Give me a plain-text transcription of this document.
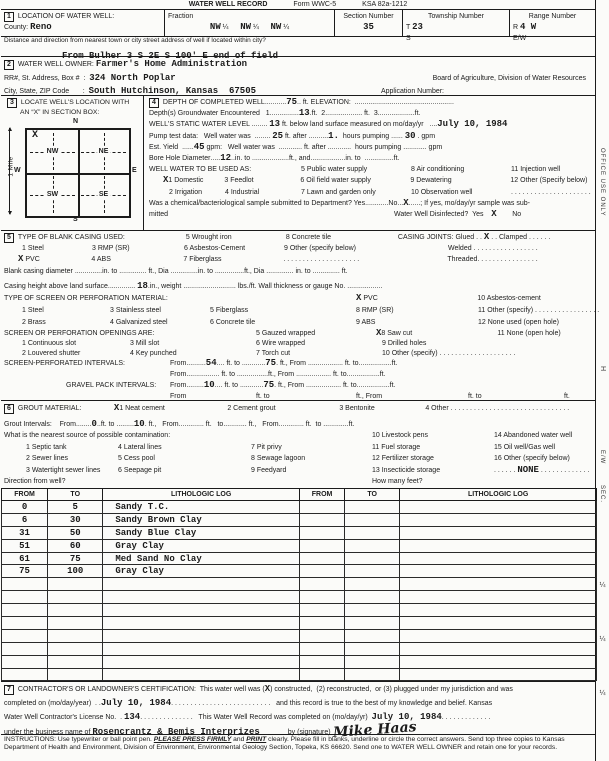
WATER WELL RECORD	Form WWC-5	KSA 82a-1212
1 LOCATION OF WATER WELL:
County: Reno
Fraction
NW ¼      NW ¼      NW ¼
Section Number
35
Township Number
T 23
S
Range Number
R 4 W
E/W
Distance and direction from nearest town or city street address of well if located within city?
From Bulher 3 S 2E S 100' E end of field
2	WATER WELL OWNER: Farmer's Home Administration
RR#, St. Address, Box #  : 324 North Poplar	Board of Agriculture, Division of Water Resources
City, State, ZIP Code       : South Hutchinson, Kansas  67505	Application Number:
3 LOCATE WELL'S LOCATION WITH
AN “X” IN SECTION BOX:
N
S
W	E
1 Mile
NW
X
NE
SW	SE
4	DEPTH OF COMPLETED WELL ........... 75 .. ft. ELEVATION: ...................................................
Depth(s) Groundwater Encountered   1 ............... 13 .ft.  2 .................. . ft.  3 .................. .ft.
WELL'S STATIC WATER LEVEL ........ 13 ft. below land surface measured on mo/day/yr .... July 10, 1984
Pump test data:   Well water was ........ 25 ft. after .......... 1. hours pumping ...... 30 . gpm
Est. Yield ...... 45 gpm:   Well water was ............ ft. after ............ hours pumping ............ gpm
Bore Hole Diameter ..... 12 ..in. to .................. .ft., and ................. .in. to .............. .ft.
WELL WATER TO BE USED AS:	5 Public water supply	8 Air conditioning	11 Injection well
X 1 Domestic	3 Feedlot	6 Oil field water supply	9 Dewatering	12 Other (Specify below)
2 Irrigation	4 Industrial	7 Lawn and garden only	10 Observation well	. . . . . . . . . . . . . . . . . . . . .
Was a chemical/bacteriological sample submitted to Department? Yes ............ No ... X ......; If yes, mo/day/yr sample was sub-
mitted	Water Well Disinfected?  Yes X No
5	TYPE OF BLANK CASING USED:	5 Wrought iron	8 Concrete tile	CASING JOINTS: Glued . . X . . Clamped . . . . . .
1 Steel	3 RMP (SR)	6 Asbestos-Cement	9 Other (specify below)	Welded . . . . . . . . . . . . . . . . .
X PVC	4 ABS	7 Fiberglass	. . . . . . . . . . . . . . . . . . . .	Threaded. . . . . . . . . . . . . . . .
Blank casing diameter .............. in. to .............. ft., Dia .............. in. to .............. .ft., Dia .............. in. to .............. ft.
Casing height above land surface .............. 18 .in., weight ........................... lbs./ft. Wall thickness or gauge No. ..................
TYPE OF SCREEN OR PERFORATION MATERIAL:	X PVC	10 Asbestos-cement
1 Steel	3 Stainless steel	5 Fiberglass	8 RMP (SR)	11 Other (specify) . . . . . . . . . . . . . . . . .
2 Brass	4 Galvanized steel	6 Concrete tile	9 ABS	12 None used (open hole)
SCREEN OR PERFORATION OPENINGS ARE:	5 Gauzed wrapped	X 8 Saw cut	11 None (open hole)
1 Continuous slot	3 Mill slot	6 Wire wrapped	9 Drilled holes
2 Louvered shutter	4 Key punched	7 Torch cut	10 Other (specify) . . . . . . . . . . . . . . . . . . . .
SCREEN-PERFORATED INTERVALS:	From .......... 54 .... ft. to ............ 75 . ft., From .................. ft. to ................ .ft.
From ................ . ft. to ............... .ft., From .................. ft. to ................ .ft.
GRAVEL PACK INTERVALS:	From ......... 10 .... ft. to ............ 75 . ft., From .................. ft. to ................ .ft.
From	ft. to	ft., From	ft. to	ft.
6	GROUT MATERIAL:	X 1 Neat cement	2 Cement grout	3 Bentonite	4 Other . . . . . . . . . . . . . . . . . . . . . . . . . . . . . . .
Grout Intervals:    From ........ 0 ..ft. to ......... 10 . ft.,   From ............. ft.   to ............ ft.,   From ............. ft.  to ............ .ft.
What is the nearest source of possible contamination:	10 Livestock pens	14 Abandoned water well
1 Septic tank	4 Lateral lines	7 Pit privy	11 Fuel storage	15 Oil well/Gas well
2 Sewer lines	5 Cess pool	8 Sewage lagoon	12 Fertilizer storage	16 Other (specify below)
3 Watertight sewer lines	6 Seepage pit	9 Feedyard	13 Insecticide storage	. . . . . . NONE . . . . . . . . . . . . .
Direction from well?	How many feet?
FROM	TO	LITHOLOGIC LOG	FROM	TO	LITHOLOGIC LOG
0	5	Sandy T.C.			
6	30	Sandy Brown Clay			
31	50	Sandy Blue Clay			
51	60	Gray Clay			
61	75	Med Sand No Clay			
75	100	Gray Clay			

7	CONTRACTOR'S OR LANDOWNER'S CERTIFICATION:  This water well was ( X ) constructed,  (2) reconstructed,  or (3) plugged under my jurisdiction and was
completed on (mo/day/year) . . July 10, 1984 . . . . . . . . . . . . . . . . . . . . . . . . . . and this record is true to the best of my knowledge and belief. Kansas
Water Well Contractor's License No. . 134 . . . . . . . . . . . . . . This Water Well Record was completed on (mo/day/yr) July 10, 1984 . . . . . . . . . . . . .
under the business name of Rosencrantz & Bemis Interprizes	by (signature) Mike Haas
INSTRUCTIONS: Use typewriter or ball point pen. PLEASE PRESS FIRMLY and PRINT clearly. Please fill in blanks, underline or circle the correct answers. Send top three copies to Kansas Department of Health and Environment, Division of Environment, Environmental Geology Section, Topeka, KS 66620. Send one to WATER WELL OWNER and retain one for your records.
OFFICE USE ONLY
H
E/W
SEC.
¼
¼
¼
